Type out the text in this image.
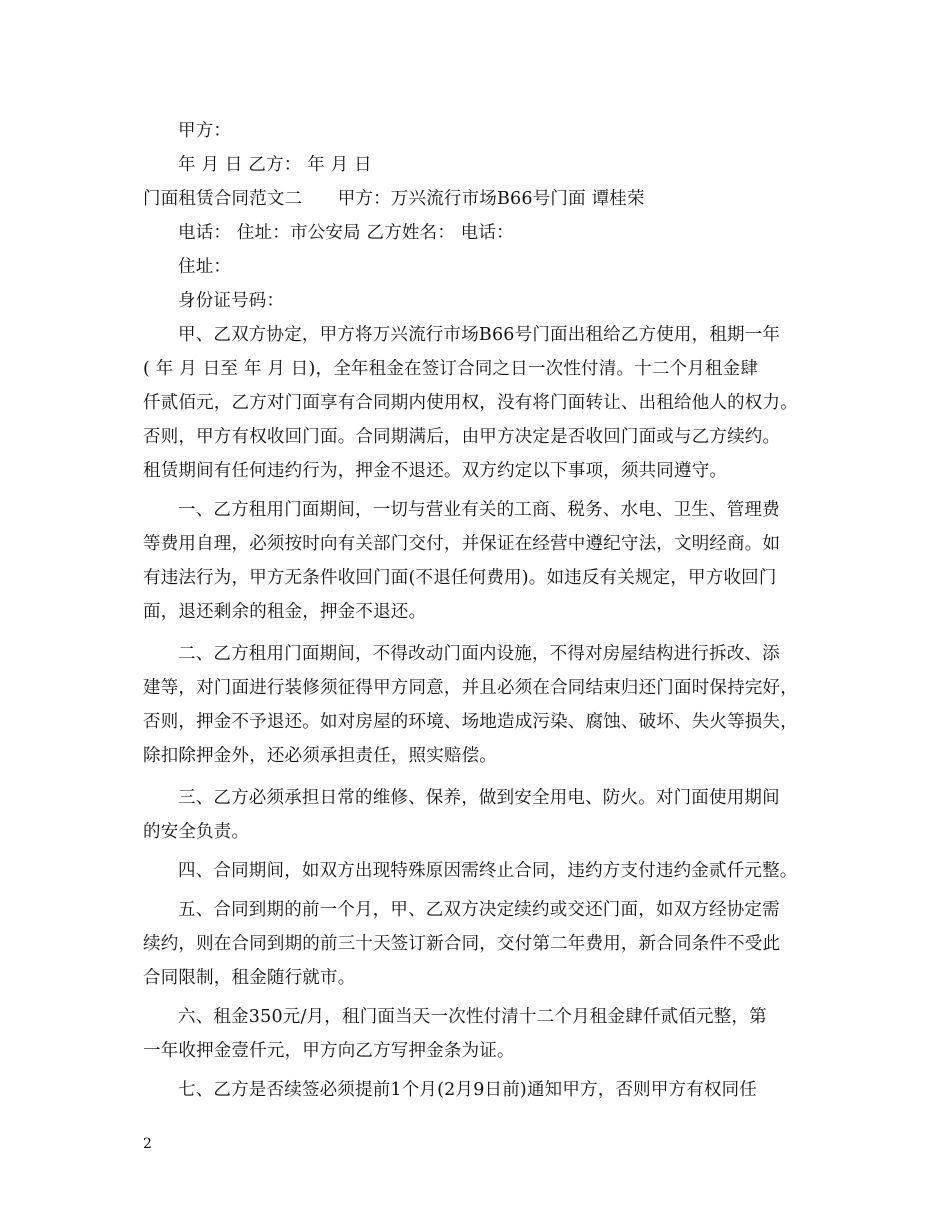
甲方：
年 月 日 乙方： 年 月 日
门面租赁合同范文二　　甲方：万兴流行市场B66号门面 谭桂荣
电话： 住址：市公安局 乙方姓名： 电话：
住址：
身份证号码：
甲、乙双方协定，甲方将万兴流行市场B66号门面出租给乙方使用，租期一年
( 年 月 日至 年 月 日)，全年租金在签订合同之日一次性付清。十二个月租金肆
仟贰佰元，乙方对门面享有合同期内使用权，没有将门面转让、出租给他人的权力。
否则，甲方有权收回门面。合同期满后，由甲方决定是否收回门面或与乙方续约。
租赁期间有任何违约行为，押金不退还。双方约定以下事项，须共同遵守。
一、乙方租用门面期间，一切与营业有关的工商、税务、水电、卫生、管理费
等费用自理，必须按时向有关部门交付，并保证在经营中遵纪守法，文明经商。如
有违法行为，甲方无条件收回门面(不退任何费用)。如违反有关规定，甲方收回门
面，退还剩余的租金，押金不退还。
二、乙方租用门面期间，不得改动门面内设施，不得对房屋结构进行拆改、添
建等，对门面进行装修须征得甲方同意，并且必须在合同结束归还门面时保持完好，
否则，押金不予退还。如对房屋的环境、场地造成污染、腐蚀、破坏、失火等损失，
除扣除押金外，还必须承担责任，照实赔偿。
三、乙方必须承担日常的维修、保养，做到安全用电、防火。对门面使用期间
的安全负责。
四、合同期间，如双方出现特殊原因需终止合同，违约方支付违约金贰仟元整。
五、合同到期的前一个月，甲、乙双方决定续约或交还门面，如双方经协定需
续约，则在合同到期的前三十天签订新合同，交付第二年费用，新合同条件不受此
合同限制，租金随行就市。
六、租金350元/月，租门面当天一次性付清十二个月租金肆仟贰佰元整，第
一年收押金壹仟元，甲方向乙方写押金条为证。
七、乙方是否续签必须提前1个月(2月9日前)通知甲方，否则甲方有权同任
2
